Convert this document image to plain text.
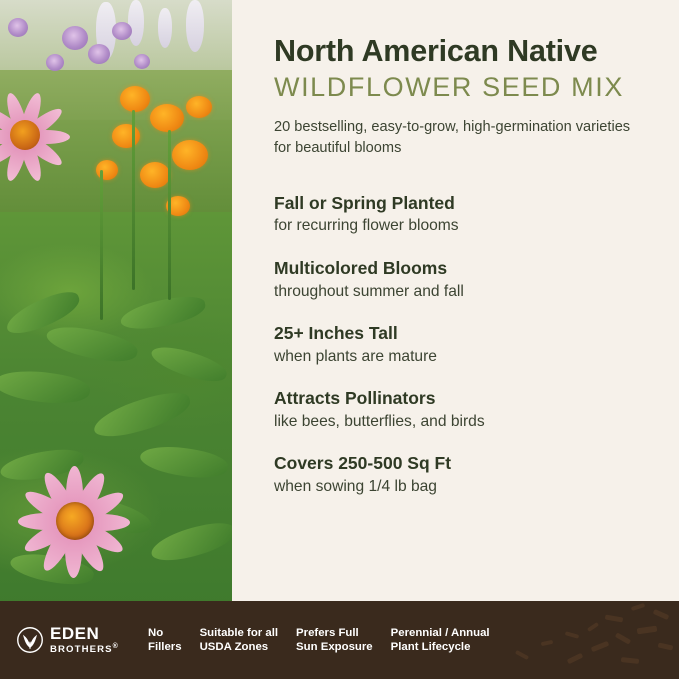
North American Native
WILDFLOWER SEED MIX

20 bestselling, easy-to-grow, high-germination varieties for beautiful blooms

Fall or Spring Planted
for recurring flower blooms
Multicolored Blooms
throughout summer and fall
25+ Inches Tall
when plants are mature
Attracts Pollinators
like bees, butterflies, and birds
Covers 250-500 Sq Ft
when sowing 1/4 lb bag
EDEN
BROTHERS®
No
Fillers
Suitable for all
USDA Zones
Prefers Full
Sun Exposure
Perennial / Annual
Plant Lifecycle
